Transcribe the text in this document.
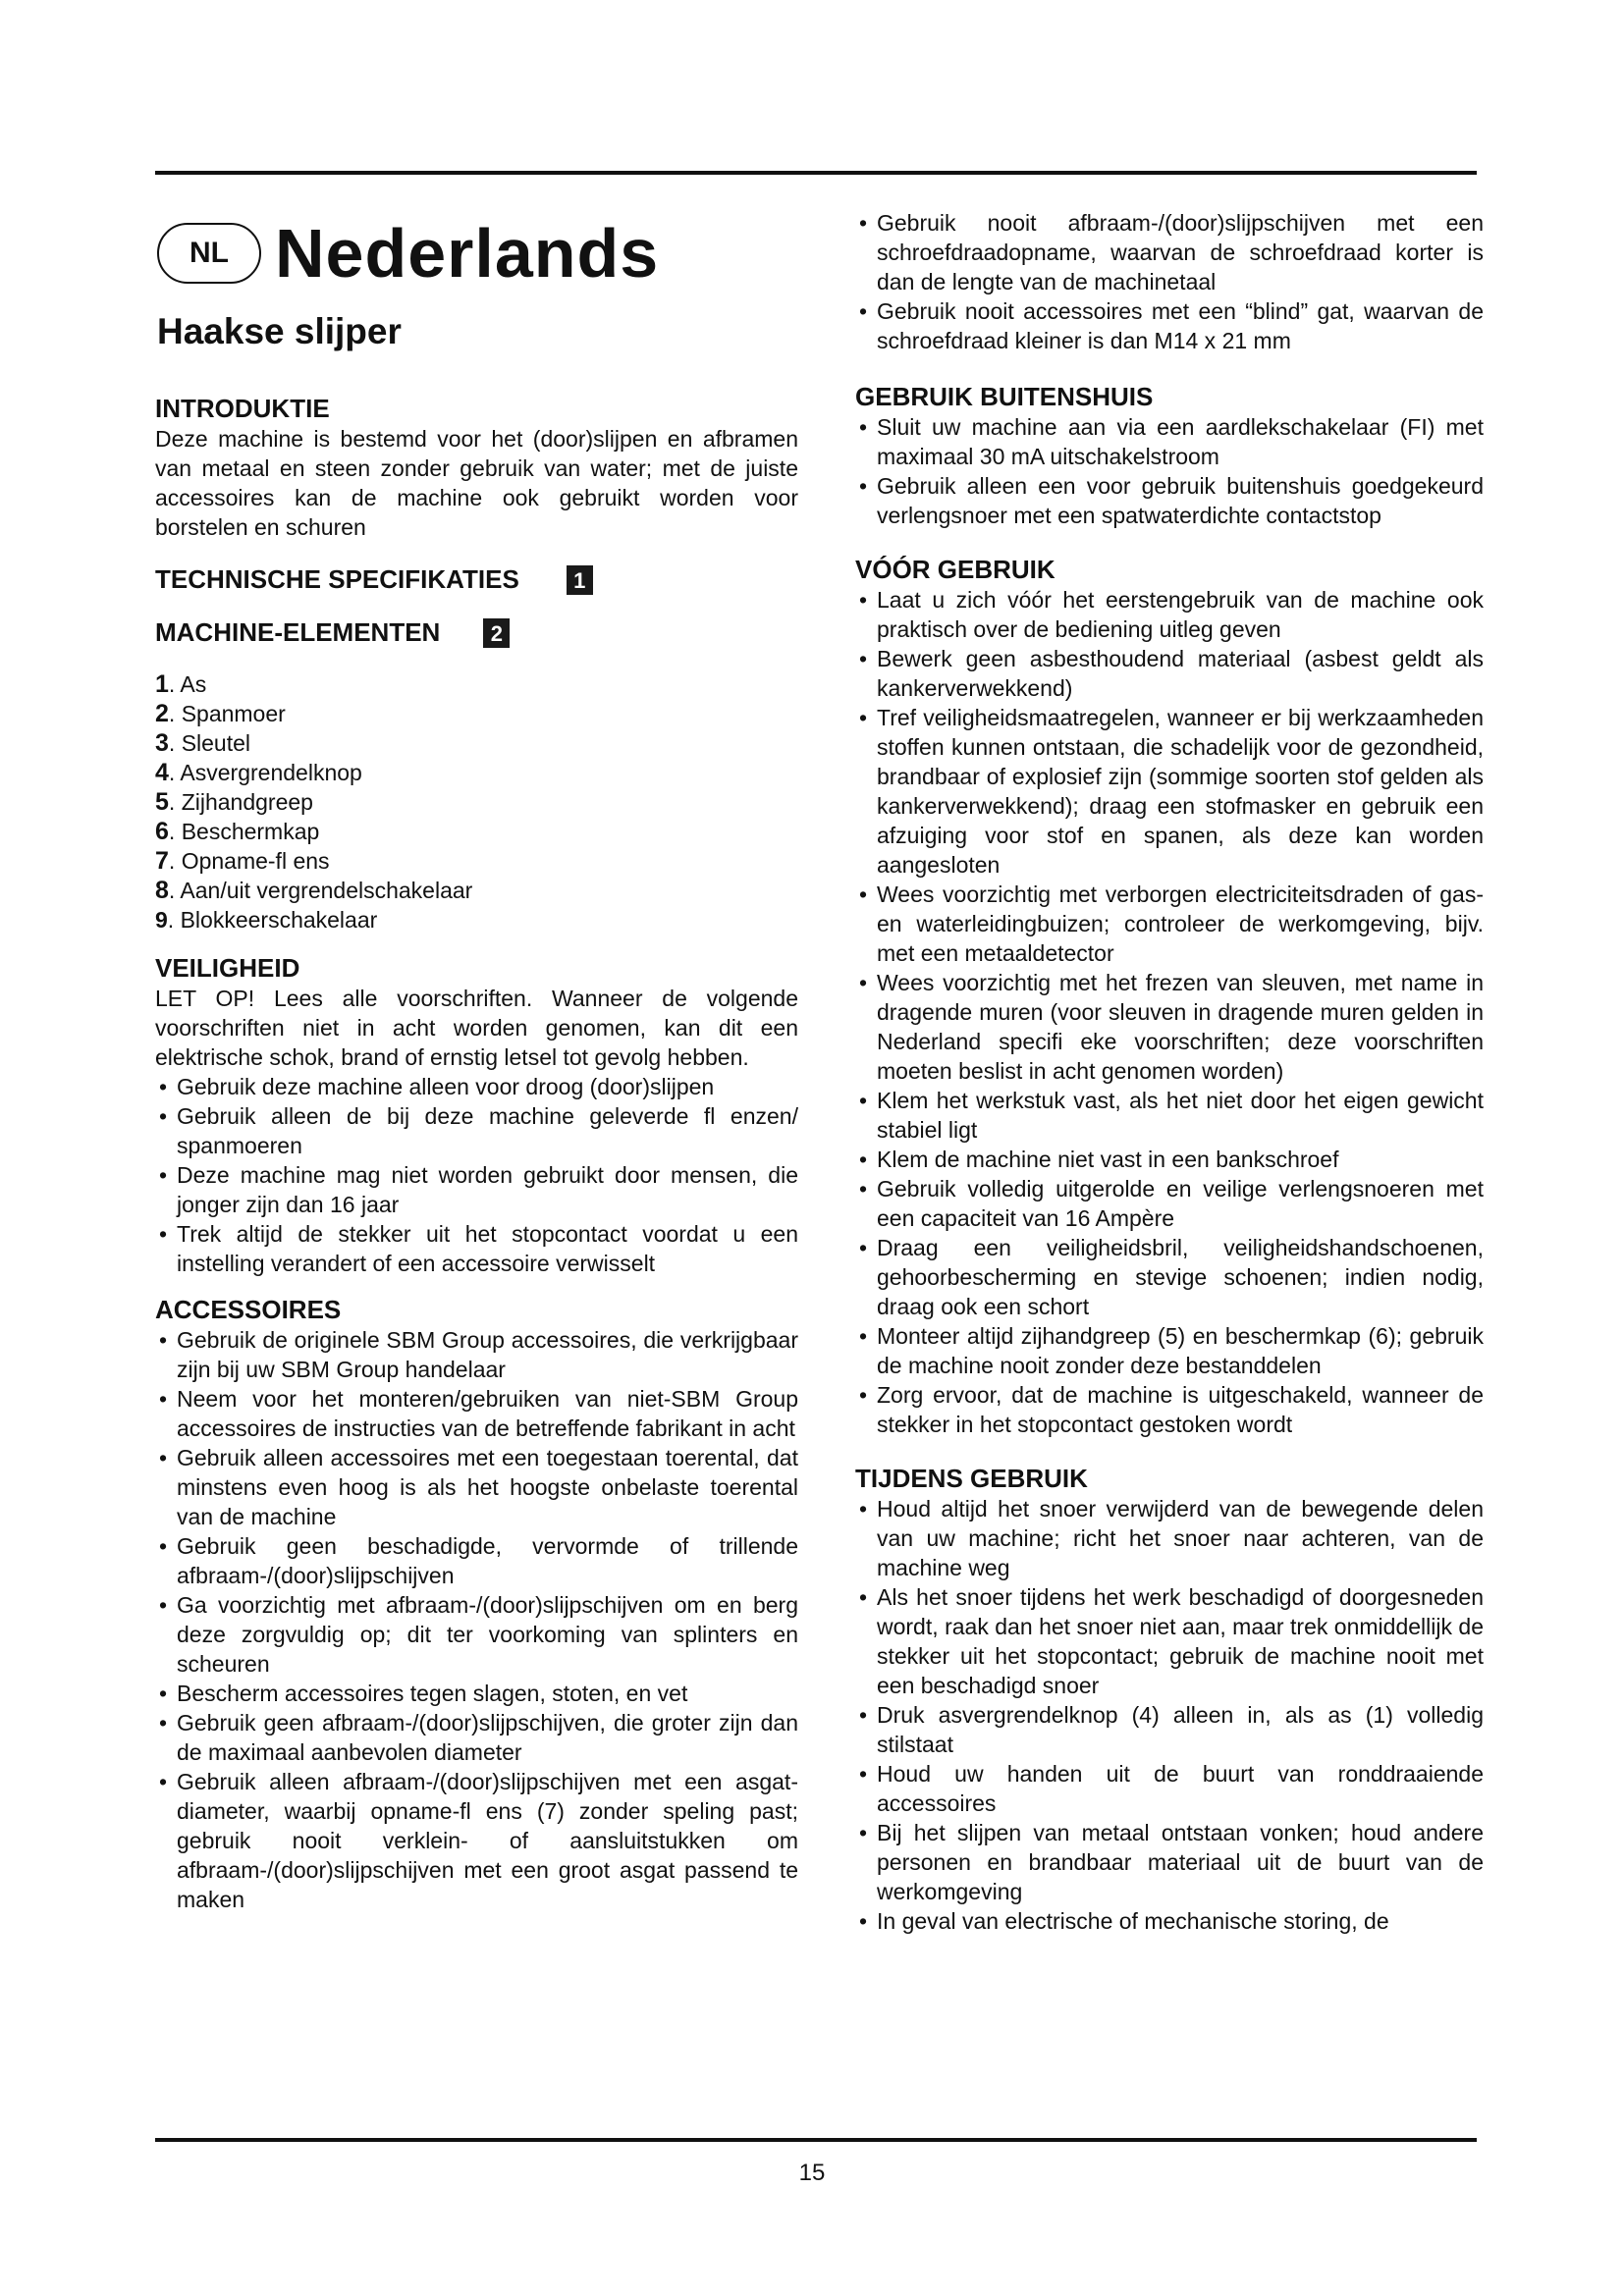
NL Nederlands
Haakse slijper
INTRODUKTIE

Deze machine is bestemd voor het (door)slijpen en afbramen van metaal en steen zonder gebruik van water; met de juiste accessoires kan de machine ook gebruikt worden voor borstelen en schuren

TECHNISCHE SPECIFIKATIES	1
MACHINE-ELEMENTEN	2
1. As
2. Spanmoer
3. Sleutel
4. Asvergrendelknop
5. Zijhandgreep
6. Beschermkap
7. Opname-fl ens
8. Aan/uit vergrendelschakelaar
9. Blokkeerschakelaar
VEILIGHEID

LET OP! Lees alle voorschriften. Wanneer de volgende voorschriften niet in acht worden genomen, kan dit een elektrische schok, brand of ernstig letsel tot gevolg hebben.

• Gebruik deze machine alleen voor droog (door)slijpen
• Gebruik alleen de bij deze machine geleverde fl enzen/ spanmoeren
• Deze machine mag niet worden gebruikt door mensen, die jonger zijn dan 16 jaar
• Trek altijd de stekker uit het stopcontact voordat u een instelling verandert of een accessoire verwisselt
ACCESSOIRES
• Gebruik de originele SBM Group accessoires, die verkrijgbaar zijn bij uw SBM Group handelaar
• Neem voor het monteren/gebruiken van niet-SBM Group accessoires de instructies van de betreffende fabrikant in acht
• Gebruik alleen accessoires met een toegestaan toerental, dat minstens even hoog is als het hoogste onbelaste toerental van de machine
• Gebruik geen beschadigde, vervormde of trillende afbraam-/(door)slijpschijven
• Ga voorzichtig met afbraam-/(door)slijpschijven om en berg deze zorgvuldig op; dit ter voorkoming van splinters en scheuren
• Bescherm accessoires tegen slagen, stoten, en vet
• Gebruik geen afbraam-/(door)slijpschijven, die groter zijn dan de maximaal aanbevolen diameter
• Gebruik alleen afbraam-/(door)slijpschijven met een asgat-diameter, waarbij opname-fl ens (7) zonder speling past; gebruik nooit verklein- of aansluitstukken om afbraam-/(door)slijpschijven met een groot asgat passend te maken
• Gebruik nooit afbraam-/(door)slijpschijven met een schroefdraadopname, waarvan de schroefdraad korter is dan de lengte van de machinetaal
• Gebruik nooit accessoires met een “blind” gat, waarvan de schroefdraad kleiner is dan M14 x 21 mm
GEBRUIK BUITENSHUIS
• Sluit uw machine aan via een aardlekschakelaar (FI) met maximaal 30 mA uitschakelstroom
• Gebruik alleen een voor gebruik buitenshuis goedgekeurd verlengsnoer met een spatwaterdichte contactstop
VÓÓR GEBRUIK
• Laat u zich vóór het eerstengebruik van de machine ook praktisch over de bediening uitleg geven
• Bewerk geen asbesthoudend materiaal (asbest geldt als kankerverwekkend)
• Tref veiligheidsmaatregelen, wanneer er bij werkzaamheden stoffen kunnen ontstaan, die schadelijk voor de gezondheid, brandbaar of explosief zijn (sommige soorten stof gelden als kankerverwekkend); draag een stofmasker en gebruik een afzuiging voor stof en spanen, als deze kan worden aangesloten
• Wees voorzichtig met verborgen electriciteitsdraden of gas- en waterleidingbuizen; controleer de werkomgeving, bijv. met een metaaldetector
• Wees voorzichtig met het frezen van sleuven, met name in dragende muren (voor sleuven in dragende muren gelden in Nederland specifi eke voorschriften; deze voorschriften moeten beslist in acht genomen worden)
• Klem het werkstuk vast, als het niet door het eigen gewicht stabiel ligt
• Klem de machine niet vast in een bankschroef
• Gebruik volledig uitgerolde en veilige verlengsnoeren met een capaciteit van 16 Ampère
• Draag een veiligheidsbril, veiligheidshandschoenen, gehoorbescherming en stevige schoenen; indien nodig, draag ook een schort
• Monteer altijd zijhandgreep (5) en beschermkap (6); gebruik de machine nooit zonder deze bestanddelen
• Zorg ervoor, dat de machine is uitgeschakeld, wanneer de stekker in het stopcontact gestoken wordt
TIJDENS GEBRUIK
• Houd altijd het snoer verwijderd van de bewegende delen van uw machine; richt het snoer naar achteren, van de machine weg
• Als het snoer tijdens het werk beschadigd of doorgesneden wordt, raak dan het snoer niet aan, maar trek onmiddellijk de stekker uit het stopcontact; gebruik de machine nooit met een beschadigd snoer
• Druk asvergrendelknop (4) alleen in, als as (1) volledig stilstaat
• Houd uw handen uit de buurt van ronddraaiende accessoires
• Bij het slijpen van metaal ontstaan vonken; houd andere personen en brandbaar materiaal uit de buurt van de werkomgeving
• In geval van electrische of mechanische storing, de
15
